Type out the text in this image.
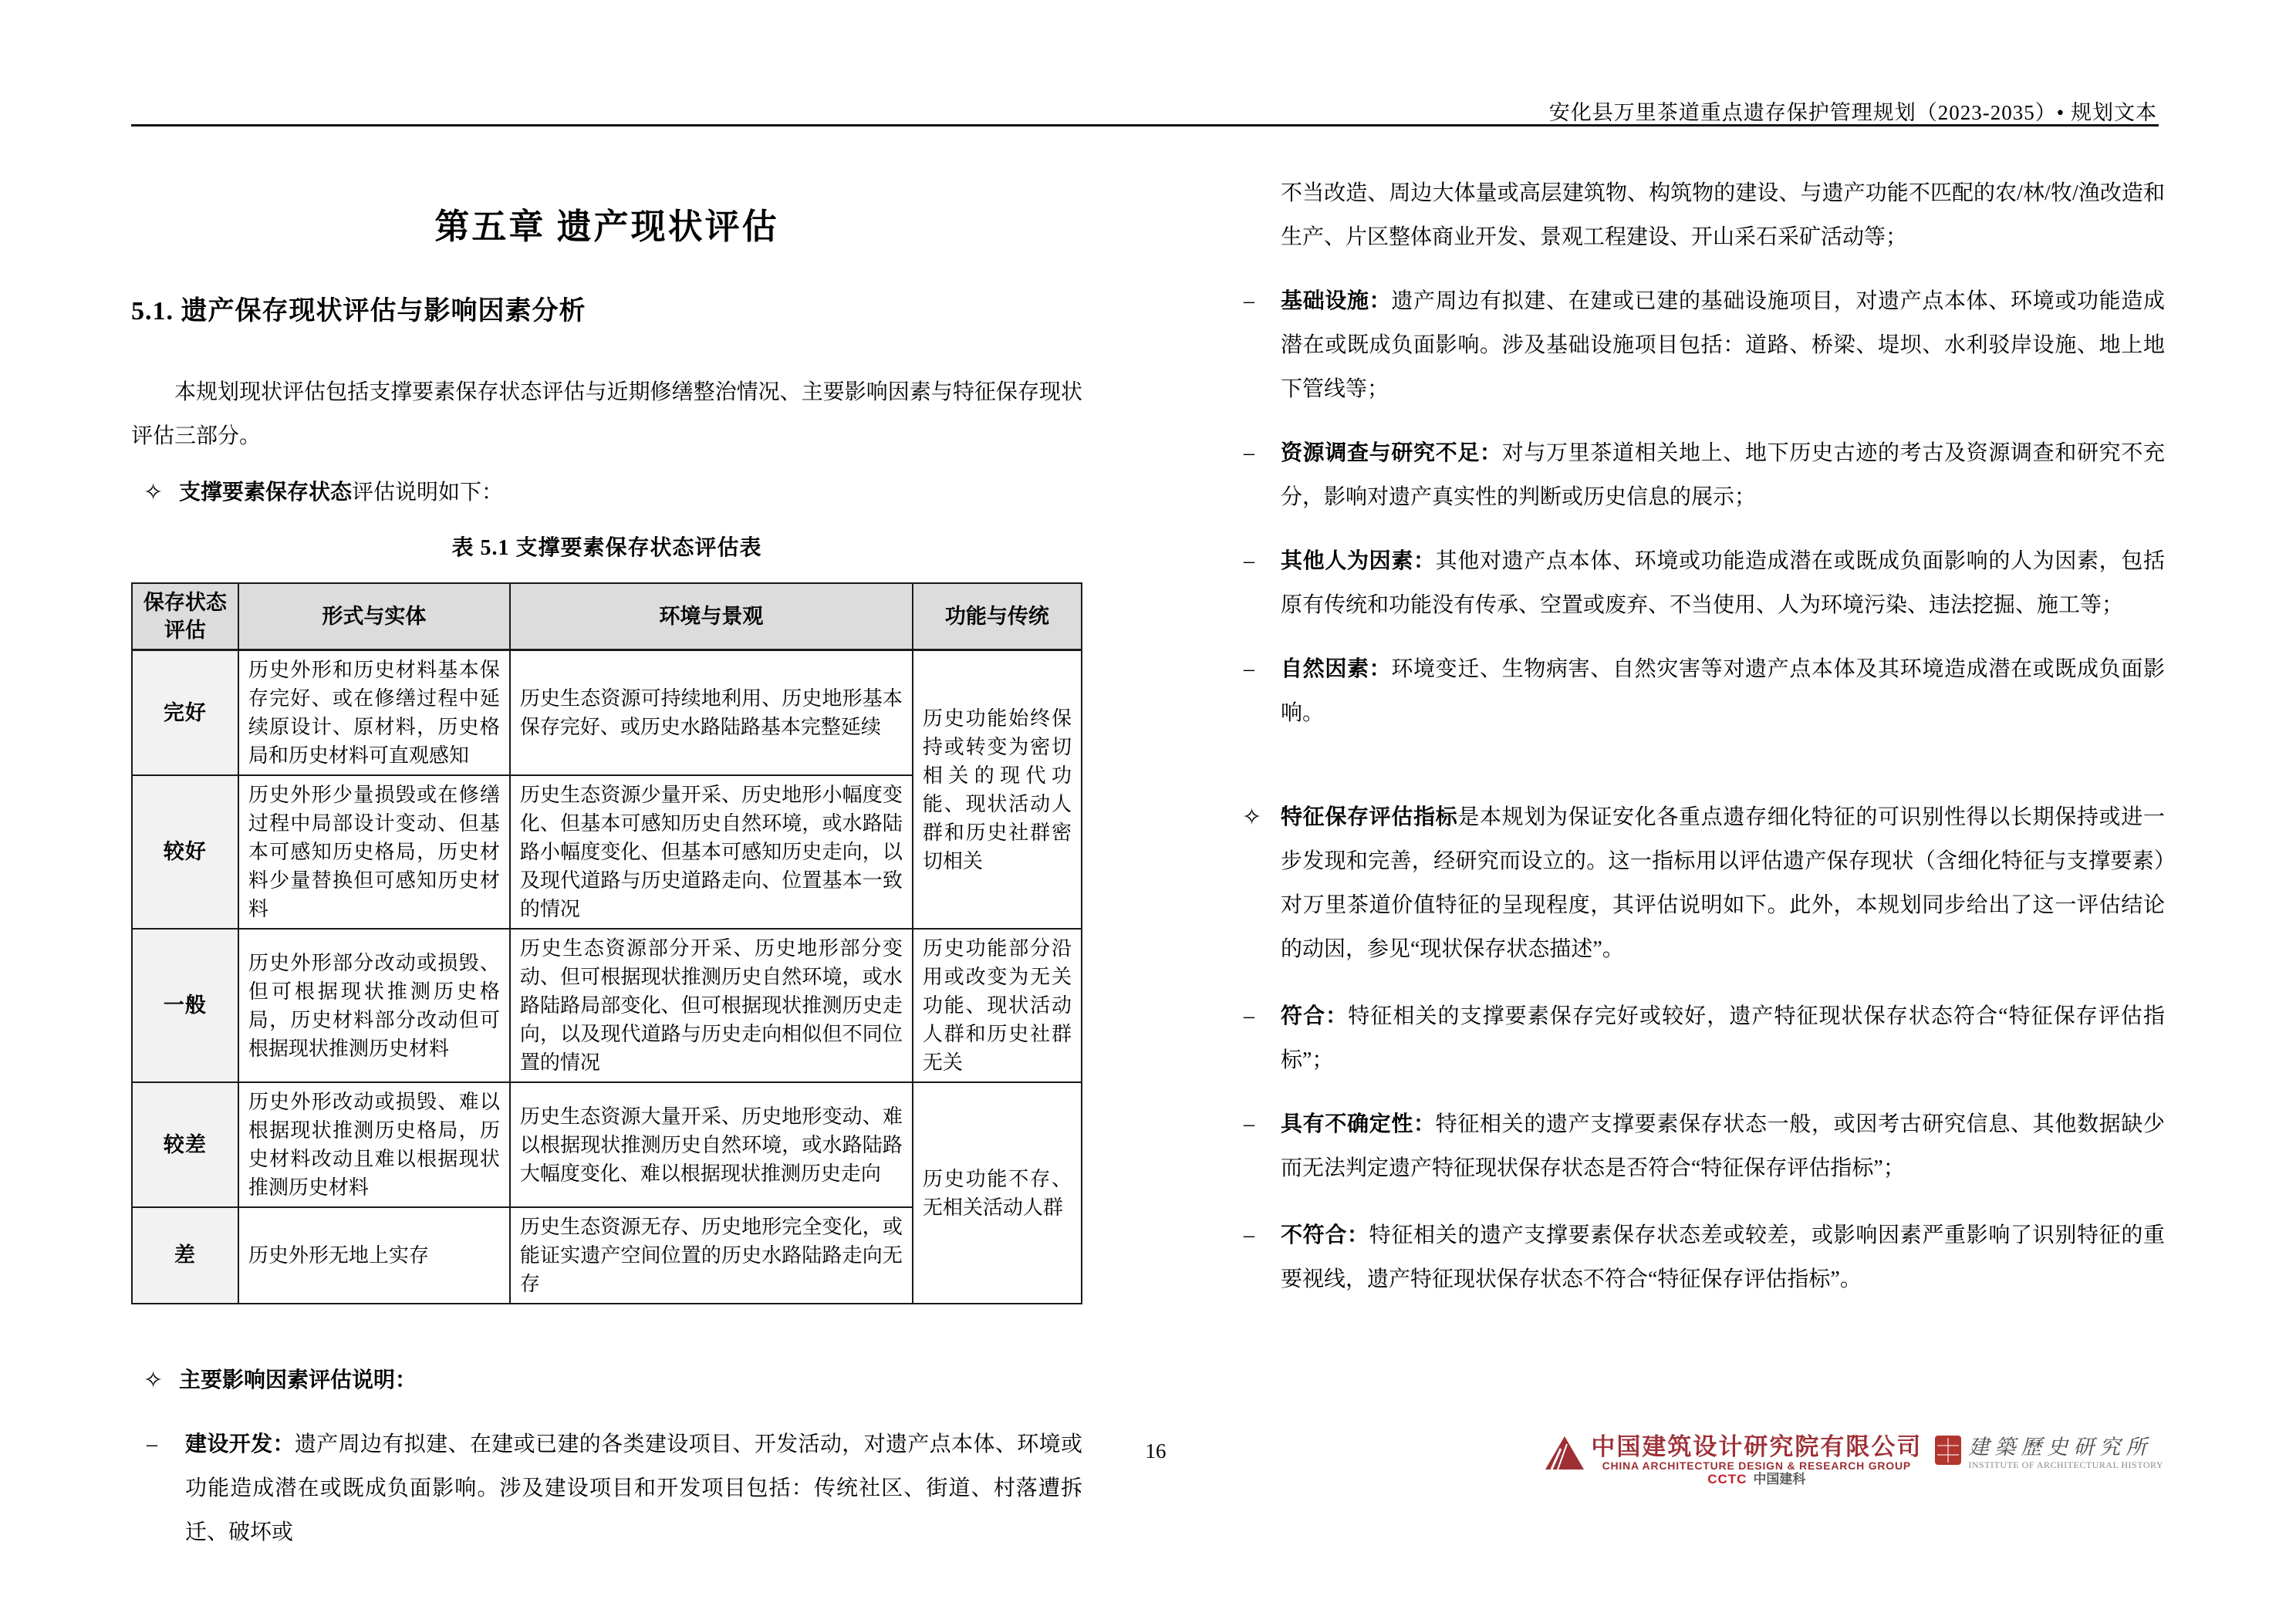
安化县万里茶道重点遗存保护管理规划（2023-2035）• 规划文本
第五章 遗产现状评估
5.1. 遗产保存现状评估与影响因素分析
本规划现状评估包括支撑要素保存状态评估与近期修缮整治情况、主要影响因素与特征保存现状评估三部分。
✧ 支撑要素保存状态评估说明如下：
表 5.1 支撑要素保存状态评估表
保存状态评估	形式与实体	环境与景观	功能与传统
完好	历史外形和历史材料基本保存完好、或在修缮过程中延续原设计、原材料，历史格局和历史材料可直观感知	历史生态资源可持续地利用、历史地形基本保存完好、或历史水路陆路基本完整延续	历史功能始终保持或转变为密切相关的现代功能、现状活动人群和历史社群密切相关
较好	历史外形少量损毁或在修缮过程中局部设计变动、但基本可感知历史格局，历史材料少量替换但可感知历史材料	历史生态资源少量开采、历史地形小幅度变化、但基本可感知历史自然环境，或水路陆路小幅度变化、但基本可感知历史走向，以及现代道路与历史道路走向、位置基本一致的情况	
一般	历史外形部分改动或损毁、但可根据现状推测历史格局，历史材料部分改动但可根据现状推测历史材料	历史生态资源部分开采、历史地形部分变动、但可根据现状推测历史自然环境，或水路陆路局部变化、但可根据现状推测历史走向，以及现代道路与历史走向相似但不同位置的情况	历史功能部分沿用或改变为无关功能、现状活动人群和历史社群无关
较差	历史外形改动或损毁、难以根据现状推测历史格局，历史材料改动且难以根据现状推测历史材料	历史生态资源大量开采、历史地形变动、难以根据现状推测历史自然环境，或水路陆路大幅度变化、难以根据现状推测历史走向	历史功能不存、无相关活动人群
差	历史外形无地上实存	历史生态资源无存、历史地形完全变化，或能证实遗产空间位置的历史水路陆路走向无存	
✧ 主要影响因素评估说明：
– 建设开发：遗产周边有拟建、在建或已建的各类建设项目、开发活动，对遗产点本体、环境或功能造成潜在或既成负面影响。涉及建设项目和开发项目包括：传统社区、街道、村落遭拆迁、破坏或
不当改造、周边大体量或高层建筑物、构筑物的建设、与遗产功能不匹配的农/林/牧/渔改造和生产、片区整体商业开发、景观工程建设、开山采石采矿活动等；
– 基础设施：遗产周边有拟建、在建或已建的基础设施项目，对遗产点本体、环境或功能造成潜在或既成负面影响。涉及基础设施项目包括：道路、桥梁、堤坝、水利驳岸设施、地上地下管线等；
– 资源调查与研究不足：对与万里茶道相关地上、地下历史古迹的考古及资源调查和研究不充分，影响对遗产真实性的判断或历史信息的展示；
– 其他人为因素：其他对遗产点本体、环境或功能造成潜在或既成负面影响的人为因素，包括原有传统和功能没有传承、空置或废弃、不当使用、人为环境污染、违法挖掘、施工等；
– 自然因素：环境变迁、生物病害、自然灾害等对遗产点本体及其环境造成潜在或既成负面影响。
✧ 特征保存评估指标是本规划为保证安化各重点遗存细化特征的可识别性得以长期保持或进一步发现和完善，经研究而设立的。这一指标用以评估遗产保存现状（含细化特征与支撑要素）对万里茶道价值特征的呈现程度，其评估说明如下。此外，本规划同步给出了这一评估结论的动因，参见“现状保存状态描述”。
– 符合：特征相关的支撑要素保存完好或较好，遗产特征现状保存状态符合“特征保存评估指标”；
– 具有不确定性：特征相关的遗产支撑要素保存状态一般，或因考古研究信息、其他数据缺少而无法判定遗产特征现状保存状态是否符合“特征保存评估指标”；
– 不符合：特征相关的遗产支撑要素保存状态差或较差，或影响因素严重影响了识别特征的重要视线，遗产特征现状保存状态不符合“特征保存评估指标”。
16	中国建筑设计研究院有限公司
CHINA ARCHITECTURE DESIGN & RESEARCH GROUP
CCTC 中国建科
建築歷史研究所
INSTITUTE OF ARCHITECTURAL HISTORY
